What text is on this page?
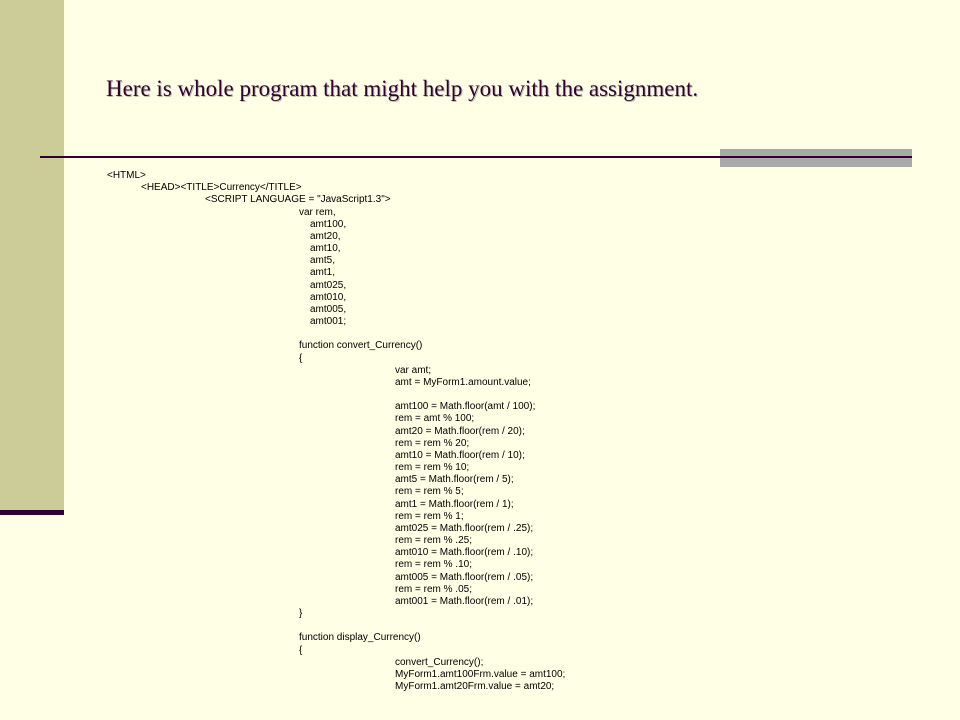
Here is whole program that might help you with the assignment.
<HTML>
<HEAD><TITLE>Currency</TITLE>
<SCRIPT LANGUAGE = "JavaScript1.3">
var rem,
amt100,
amt20,
amt10,
amt5,
amt1,
amt025,
amt010,
amt005,
amt001;
function convert_Currency()
{
var amt;
amt = MyForm1.amount.value;
amt100 = Math.floor(amt / 100);
rem = amt % 100;
amt20 = Math.floor(rem / 20);
rem = rem % 20;
amt10 = Math.floor(rem / 10);
rem = rem % 10;
amt5 = Math.floor(rem / 5);
rem = rem % 5;
amt1 = Math.floor(rem / 1);
rem = rem % 1;
amt025 = Math.floor(rem / .25);
rem = rem % .25;
amt010 = Math.floor(rem / .10);
rem = rem % .10;
amt005 = Math.floor(rem / .05);
rem = rem % .05;
amt001 = Math.floor(rem / .01);
}
function display_Currency()
{
convert_Currency();
MyForm1.amt100Frm.value = amt100;
MyForm1.amt20Frm.value = amt20;
